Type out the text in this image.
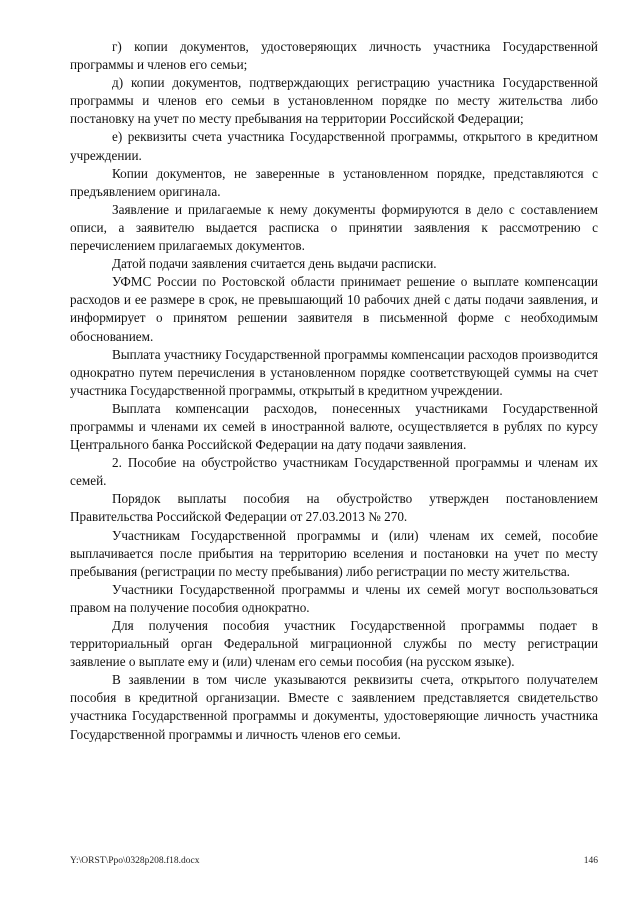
г) копии документов, удостоверяющих личность участника Государственной программы и членов его семьи;

д) копии документов, подтверждающих регистрацию участника Государственной программы и членов его семьи в установленном порядке по месту жительства либо постановку на учет по месту пребывания на территории Российской Федерации;

е) реквизиты счета участника Государственной программы, открытого в кредитном учреждении.

Копии документов, не заверенные в установленном порядке, представляются с предъявлением оригинала.

Заявление и прилагаемые к нему документы формируются в дело с составлением описи, а заявителю выдается расписка о принятии заявления к рассмотрению с перечислением прилагаемых документов.

Датой подачи заявления считается день выдачи расписки.

УФМС России по Ростовской области принимает решение о выплате компенсации расходов и ее размере в срок, не превышающий 10 рабочих дней с даты подачи заявления, и информирует о принятом решении заявителя в письменной форме с необходимым обоснованием.

Выплата участнику Государственной программы компенсации расходов производится однократно путем перечисления в установленном порядке соответствующей суммы на счет участника Государственной программы, открытый в кредитном учреждении.

Выплата компенсации расходов, понесенных участниками Государственной программы и членами их семей в иностранной валюте, осуществляется в рублях по курсу Центрального банка Российской Федерации на дату подачи заявления.

2. Пособие на обустройство участникам Государственной программы и членам их семей.

Порядок выплаты пособия на обустройство утвержден постановлением Правительства Российской Федерации от 27.03.2013 № 270.

Участникам Государственной программы и (или) членам их семей, пособие выплачивается после прибытия на территорию вселения и постановки на учет по месту пребывания (регистрации по месту пребывания) либо регистрации по месту жительства.

Участники Государственной программы и члены их семей могут воспользоваться правом на получение пособия однократно.

Для получения пособия участник Государственной программы подает в территориальный орган Федеральной миграционной службы по месту регистрации заявление о выплате ему и (или) членам его семьи пособия (на русском языке).

В заявлении в том числе указываются реквизиты счета, открытого получателем пособия в кредитной организации. Вместе с заявлением представляется свидетельство участника Государственной программы и документы, удостоверяющие личность участника Государственной программы и личность членов его семьи.

Y:\ORST\Ppo\0328p208.f18.docx	146
